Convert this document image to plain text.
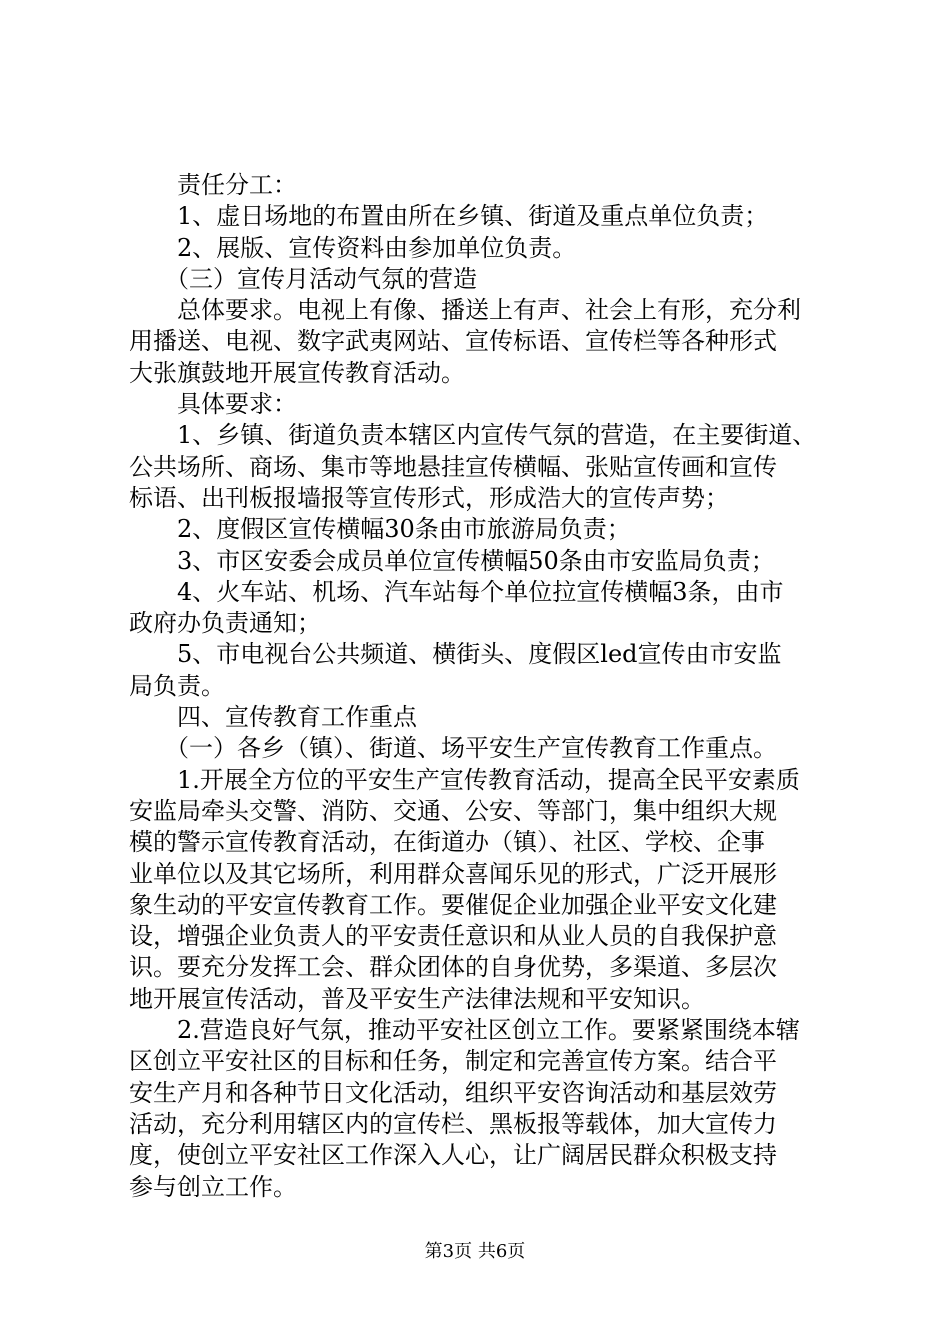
　　责任分工：
　　1、虚日场地的布置由所在乡镇、街道及重点单位负责；
　　2、展版、宣传资料由参加单位负责。
　　（三）宣传月活动气氛的营造
　　总体要求。电视上有像、播送上有声、社会上有形，充分利
用播送、电视、数字武夷网站、宣传标语、宣传栏等各种形式
大张旗鼓地开展宣传教育活动。
　　具体要求：
　　1、乡镇、街道负责本辖区内宣传气氛的营造，在主要街道、
公共场所、商场、集市等地悬挂宣传横幅、张贴宣传画和宣传
标语、出刊板报墙报等宣传形式，形成浩大的宣传声势；
　　2、度假区宣传横幅30条由市旅游局负责；
　　3、市区安委会成员单位宣传横幅50条由市安监局负责；
　　4、火车站、机场、汽车站每个单位拉宣传横幅3条，由市
政府办负责通知；
　　5、市电视台公共频道、横街头、度假区led宣传由市安监
局负责。
　　四、宣传教育工作重点
　　（一）各乡（镇）、街道、场平安生产宣传教育工作重点。
　　1.开展全方位的平安生产宣传教育活动，提高全民平安素质
安监局牵头交警、消防、交通、公安、等部门，集中组织大规
模的警示宣传教育活动，在街道办（镇）、社区、学校、企事
业单位以及其它场所，利用群众喜闻乐见的形式，广泛开展形
象生动的平安宣传教育工作。要催促企业加强企业平安文化建
设，增强企业负责人的平安责任意识和从业人员的自我保护意
识。要充分发挥工会、群众团体的自身优势，多渠道、多层次
地开展宣传活动，普及平安生产法律法规和平安知识。
　　2.营造良好气氛，推动平安社区创立工作。要紧紧围绕本辖
区创立平安社区的目标和任务，制定和完善宣传方案。结合平
安生产月和各种节日文化活动，组织平安咨询活动和基层效劳
活动，充分利用辖区内的宣传栏、黑板报等载体，加大宣传力
度，使创立平安社区工作深入人心，让广阔居民群众积极支持
参与创立工作。
第3页 共6页
